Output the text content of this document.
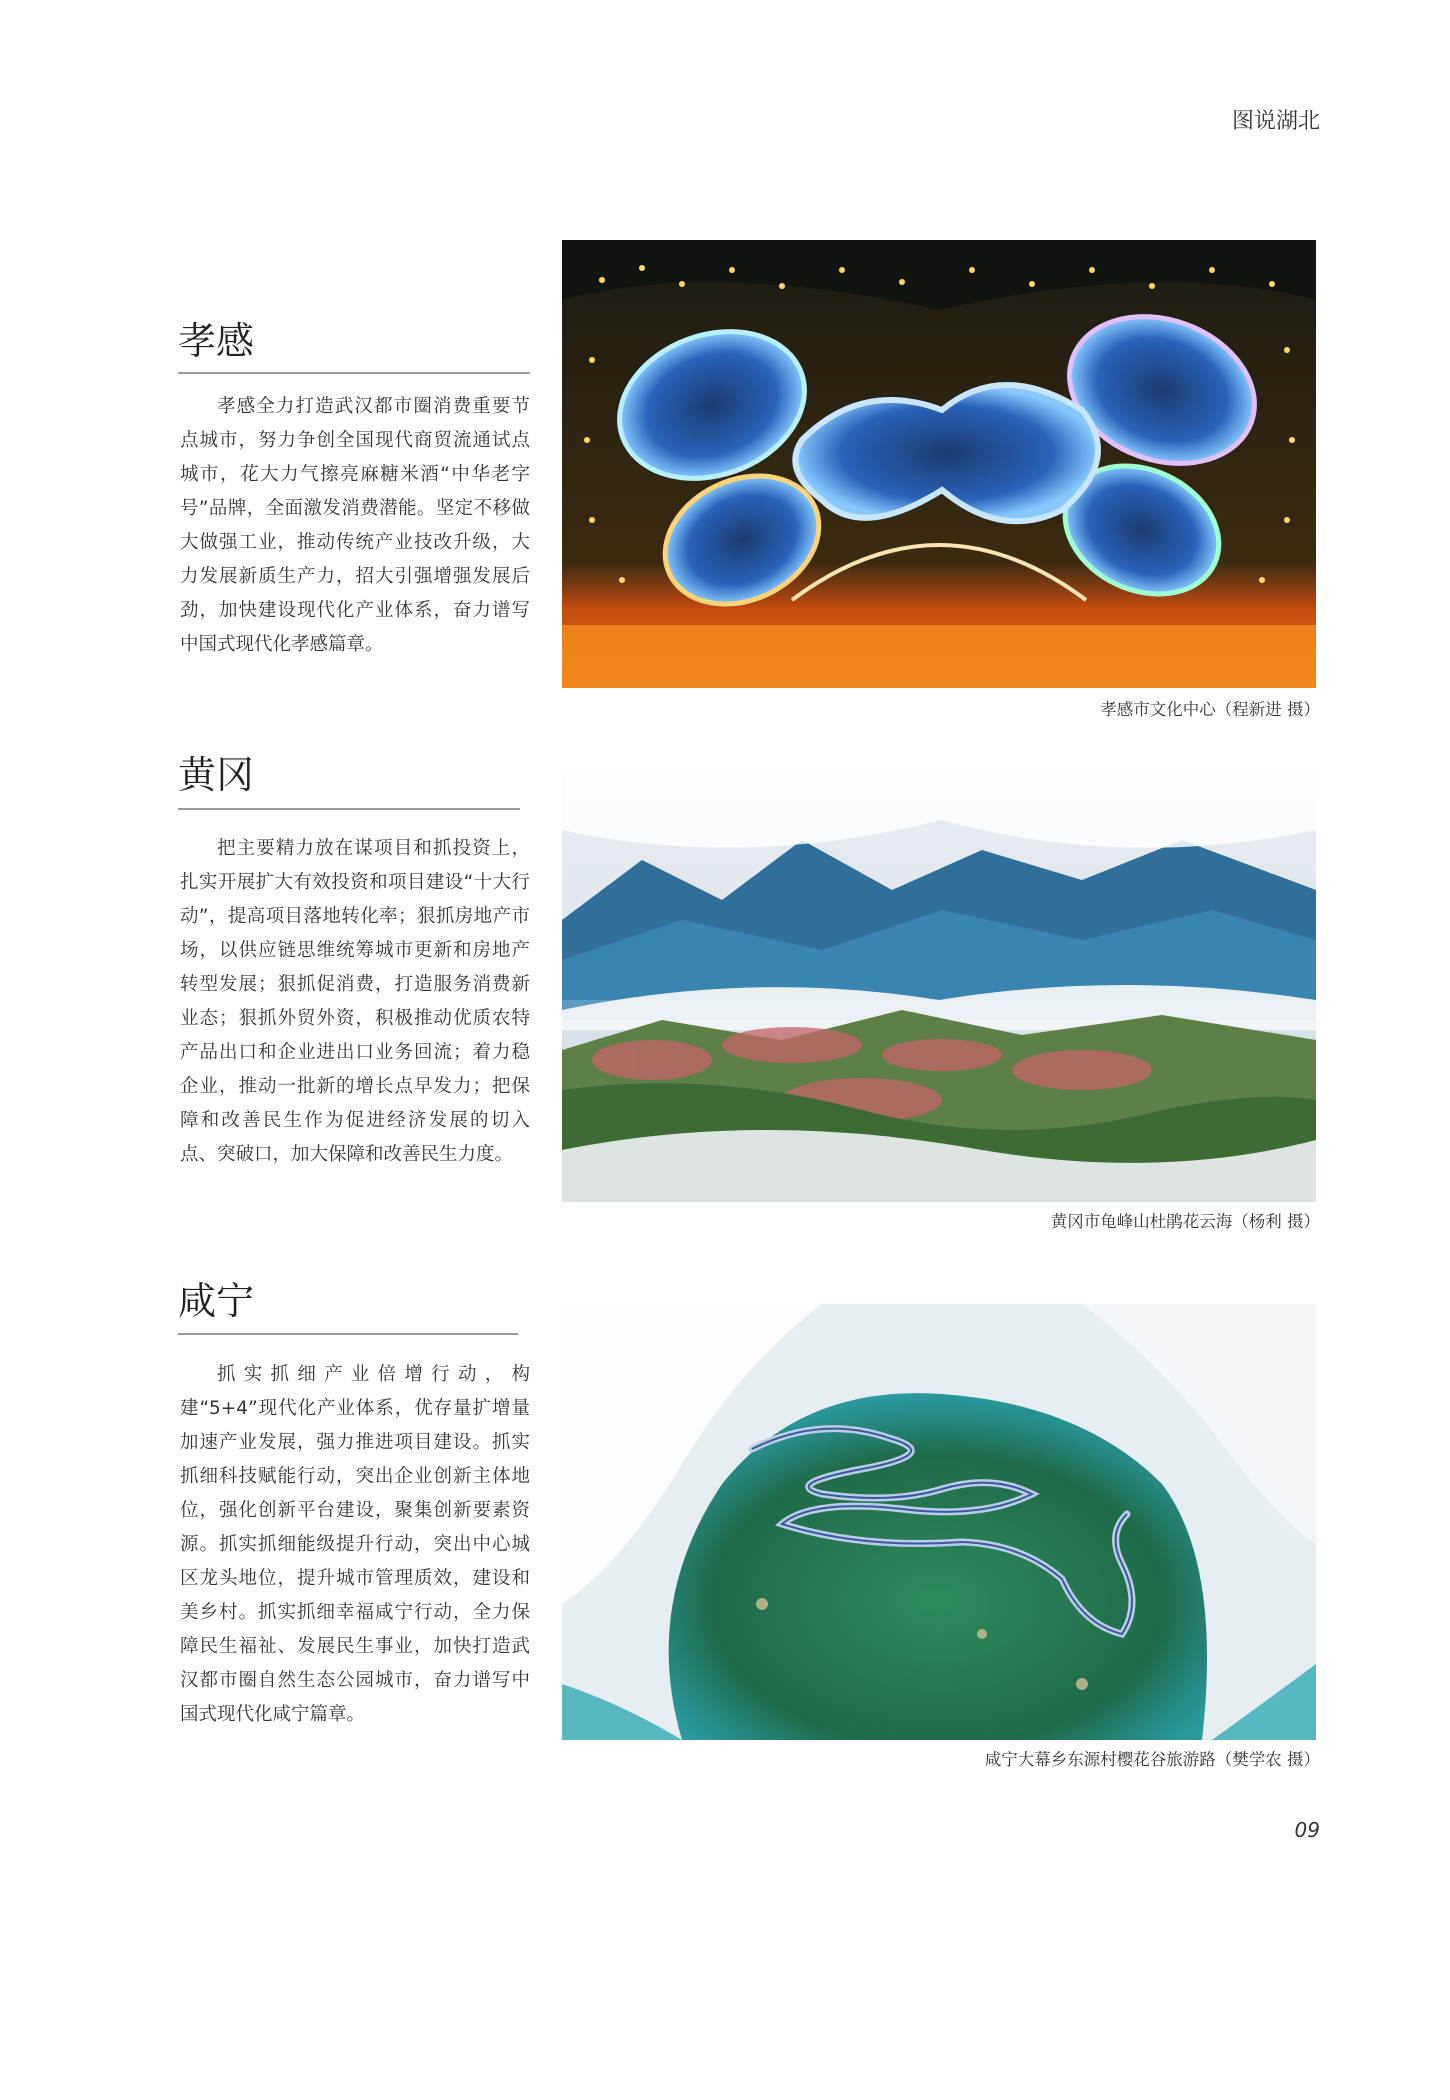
图说湖北
孝感

孝感全力打造武汉都市圈消费重要节点城市，努力争创全国现代商贸流通试点城市，花大力气擦亮麻糖米酒“中华老字号”品牌，全面激发消费潜能。坚定不移做大做强工业，推动传统产业技改升级，大力发展新质生产力，招大引强增强发展后劲，加快建设现代化产业体系，奋力谱写中国式现代化孝感篇章。

孝感市文化中心（程新进 摄）
黄冈

把主要精力放在谋项目和抓投资上，扎实开展扩大有效投资和项目建设“十大行动”，提高项目落地转化率；狠抓房地产市场，以供应链思维统筹城市更新和房地产转型发展；狠抓促消费，打造服务消费新业态；狠抓外贸外资，积极推动优质农特产品出口和企业进出口业务回流；着力稳企业，推动一批新的增长点早发力；把保障和改善民生作为促进经济发展的切入点、突破口，加大保障和改善民生力度。

黄冈市龟峰山杜鹃花云海（杨利 摄）
咸宁

抓实抓细产业倍增行动，构建“5+4”现代化产业体系，优存量扩增量加速产业发展，强力推进项目建设。抓实抓细科技赋能行动，突出企业创新主体地位，强化创新平台建设，聚集创新要素资源。抓实抓细能级提升行动，突出中心城区龙头地位，提升城市管理质效，建设和美乡村。抓实抓细幸福咸宁行动，全力保障民生福祉、发展民生事业，加快打造武汉都市圈自然生态公园城市，奋力谱写中国式现代化咸宁篇章。

咸宁大幕乡东源村樱花谷旅游路（樊学农 摄）
09
